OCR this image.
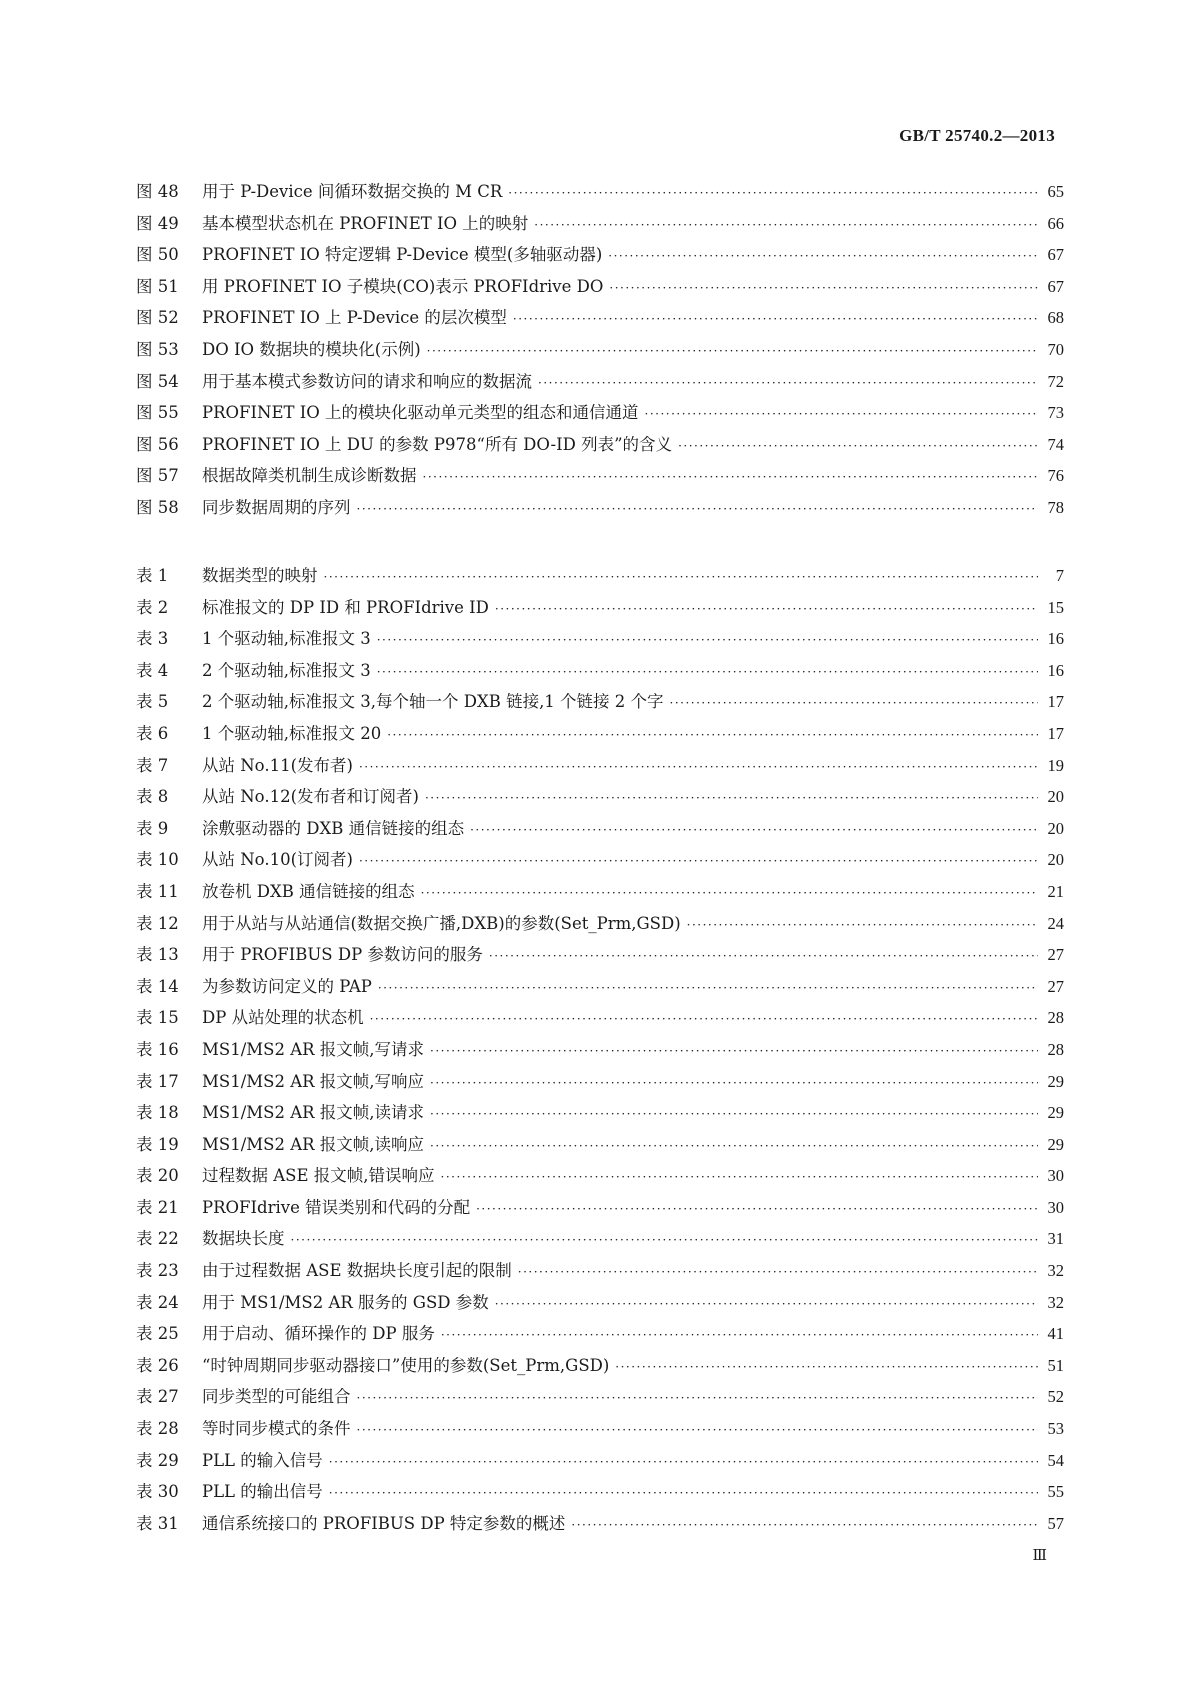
GB/T 25740.2—2013
图 48	用于 P-Device 间循环数据交换的 M CR ·····	65
图 49	基本模型状态机在 PROFINET IO 上的映射 ·····	66
图 50	PROFINET IO 特定逻辑 P-Device 模型(多轴驱动器) ·····	67
图 51	用 PROFINET IO 子模块(CO)表示 PROFIdrive DO ·····	67
图 52	PROFINET IO 上 P-Device 的层次模型 ·····	68
图 53	DO IO 数据块的模块化(示例) ·····	70
图 54	用于基本模式参数访问的请求和响应的数据流 ·····	72
图 55	PROFINET IO 上的模块化驱动单元类型的组态和通信通道 ·····	73
图 56	PROFINET IO 上 DU 的参数 P978“所有 DO-ID 列表”的含义 ·····	74
图 57	根据故障类机制生成诊断数据 ·····	76
图 58	同步数据周期的序列 ·····	78
表 1	数据类型的映射 ·····	7
表 2	标准报文的 DP ID 和 PROFIdrive ID ·····	15
表 3	1 个驱动轴,标准报文 3 ·····	16
表 4	2 个驱动轴,标准报文 3 ·····	16
表 5	2 个驱动轴,标准报文 3,每个轴一个 DXB 链接,1 个链接 2 个字 ·····	17
表 6	1 个驱动轴,标准报文 20 ·····	17
表 7	从站 No.11(发布者) ·····	19
表 8	从站 No.12(发布者和订阅者) ·····	20
表 9	涂敷驱动器的 DXB 通信链接的组态 ·····	20
表 10	从站 No.10(订阅者) ·····	20
表 11	放卷机 DXB 通信链接的组态 ·····	21
表 12	用于从站与从站通信(数据交换广播,DXB)的参数(Set_Prm,GSD) ·····	24
表 13	用于 PROFIBUS DP 参数访问的服务 ·····	27
表 14	为参数访问定义的 PAP ·····	27
表 15	DP 从站处理的状态机 ·····	28
表 16	MS1/MS2 AR 报文帧,写请求 ·····	28
表 17	MS1/MS2 AR 报文帧,写响应 ·····	29
表 18	MS1/MS2 AR 报文帧,读请求 ·····	29
表 19	MS1/MS2 AR 报文帧,读响应 ·····	29
表 20	过程数据 ASE 报文帧,错误响应 ·····	30
表 21	PROFIdrive 错误类别和代码的分配 ·····	30
表 22	数据块长度 ·····	31
表 23	由于过程数据 ASE 数据块长度引起的限制 ·····	32
表 24	用于 MS1/MS2 AR 服务的 GSD 参数 ·····	32
表 25	用于启动、循环操作的 DP 服务 ·····	41
表 26	“时钟周期同步驱动器接口”使用的参数(Set_Prm,GSD) ·····	51
表 27	同步类型的可能组合 ·····	52
表 28	等时同步模式的条件 ·····	53
表 29	PLL 的输入信号 ·····	54
表 30	PLL 的输出信号 ·····	55
表 31	通信系统接口的 PROFIBUS DP 特定参数的概述 ·····	57
Ⅲ
